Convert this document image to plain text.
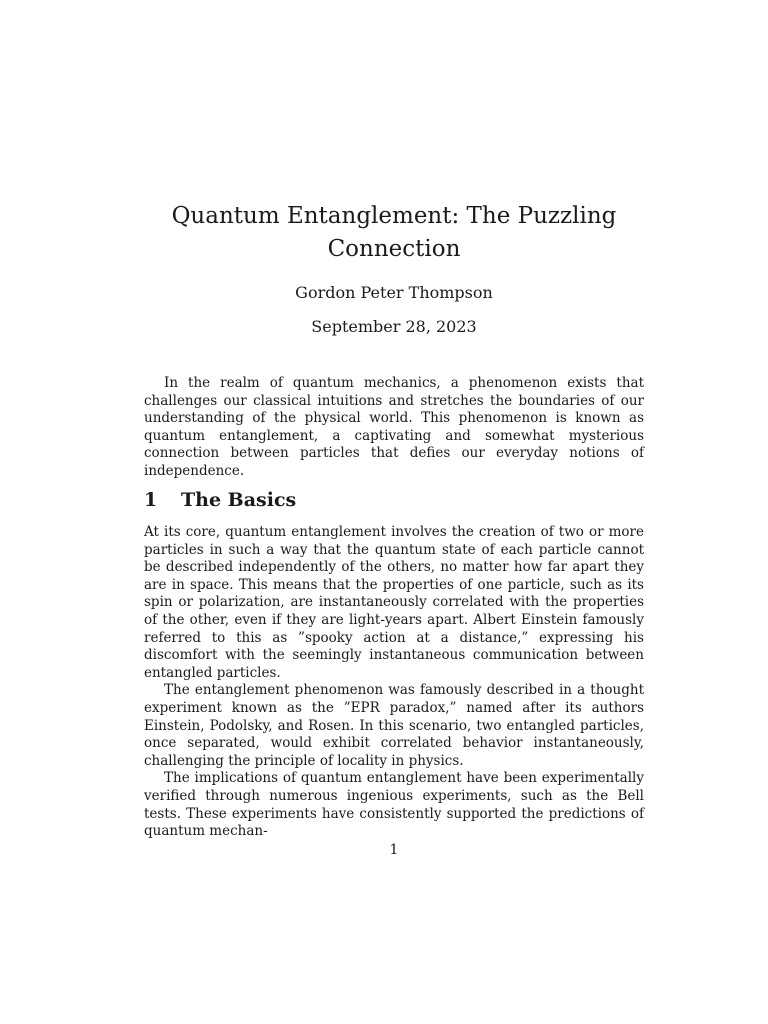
Quantum Entanglement: The Puzzling Connection
Gordon Peter Thompson
September 28, 2023

In the realm of quantum mechanics, a phenomenon exists that challenges our classical intuitions and stretches the boundaries of our understanding of the physical world. This phenomenon is known as quantum entanglement, a captivating and somewhat mysterious connection between particles that defies our everyday notions of independence.

1 The Basics

At its core, quantum entanglement involves the creation of two or more particles in such a way that the quantum state of each particle cannot be described independently of the others, no matter how far apart they are in space. This means that the properties of one particle, such as its spin or polarization, are instantaneously correlated with the properties of the other, even if they are light-years apart. Albert Einstein famously referred to this as ”spooky action at a distance,” expressing his discomfort with the seemingly instantaneous communication between entangled particles.

The entanglement phenomenon was famously described in a thought experiment known as the ”EPR paradox,” named after its authors Einstein, Podolsky, and Rosen. In this scenario, two entangled particles, once separated, would exhibit correlated behavior instantaneously, challenging the principle of locality in physics.

The implications of quantum entanglement have been experimentally verified through numerous ingenious experiments, such as the Bell tests. These experiments have consistently supported the predictions of quantum mechan-

1
